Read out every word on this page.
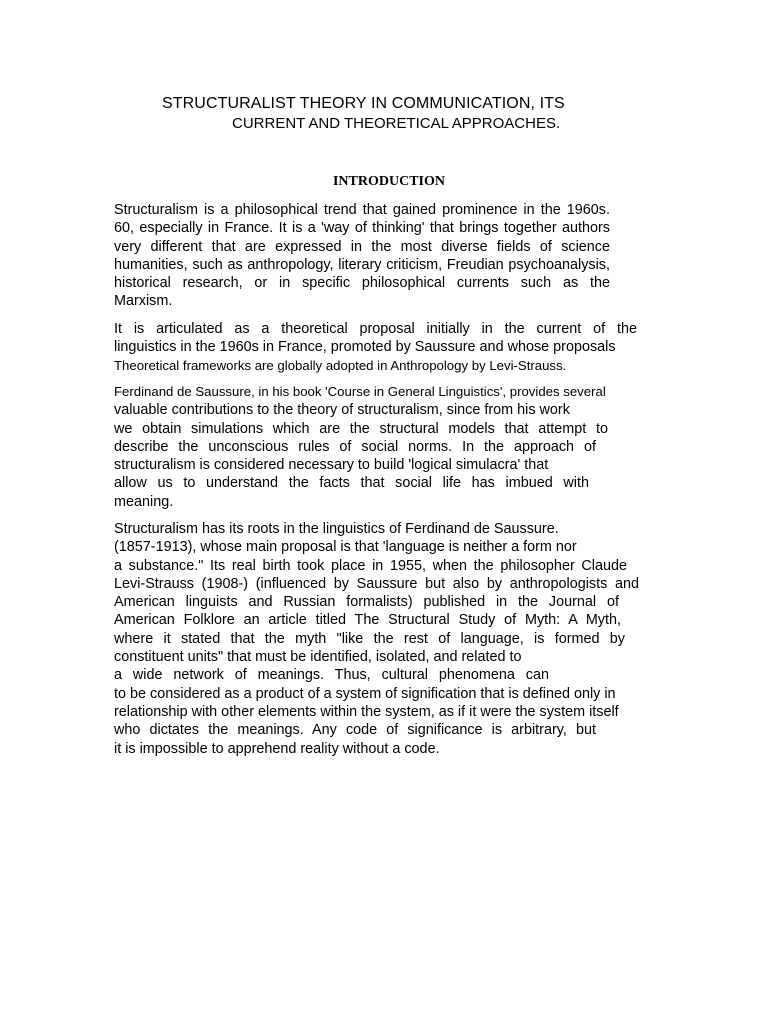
STRUCTURALIST THEORY IN COMMUNICATION, ITS
CURRENT AND THEORETICAL APPROACHES.
INTRODUCTION
Structuralism is a philosophical trend that gained prominence in the 1960s.
60, especially in France. It is a 'way of thinking' that brings together authors
very different that are expressed in the most diverse fields of science
humanities, such as anthropology, literary criticism, Freudian psychoanalysis,
historical research, or in specific philosophical currents such as the
Marxism.
It is articulated as a theoretical proposal initially in the current of the
linguistics in the 1960s in France, promoted by Saussure and whose proposals
Theoretical frameworks are globally adopted in Anthropology by Levi-Strauss.
Ferdinand de Saussure, in his book 'Course in General Linguistics', provides several
valuable contributions to the theory of structuralism, since from his work
we obtain simulations which are the structural models that attempt to
describe the unconscious rules of social norms. In the approach of
structuralism is considered necessary to build 'logical simulacra' that
allow us to understand the facts that social life has imbued with
meaning.
Structuralism has its roots in the linguistics of Ferdinand de Saussure.
(1857-1913), whose main proposal is that 'language is neither a form nor
a substance." Its real birth took place in 1955, when the philosopher Claude
Levi-Strauss (1908-) (influenced by Saussure but also by anthropologists and
American linguists and Russian formalists) published in the Journal of
American Folklore an article titled The Structural Study of Myth: A Myth,
where it stated that the myth "like the rest of language, is formed by
constituent units" that must be identified, isolated, and related to
a wide network of meanings. Thus, cultural phenomena can
to be considered as a product of a system of signification that is defined only in
relationship with other elements within the system, as if it were the system itself
who dictates the meanings. Any code of significance is arbitrary, but
it is impossible to apprehend reality without a code.
